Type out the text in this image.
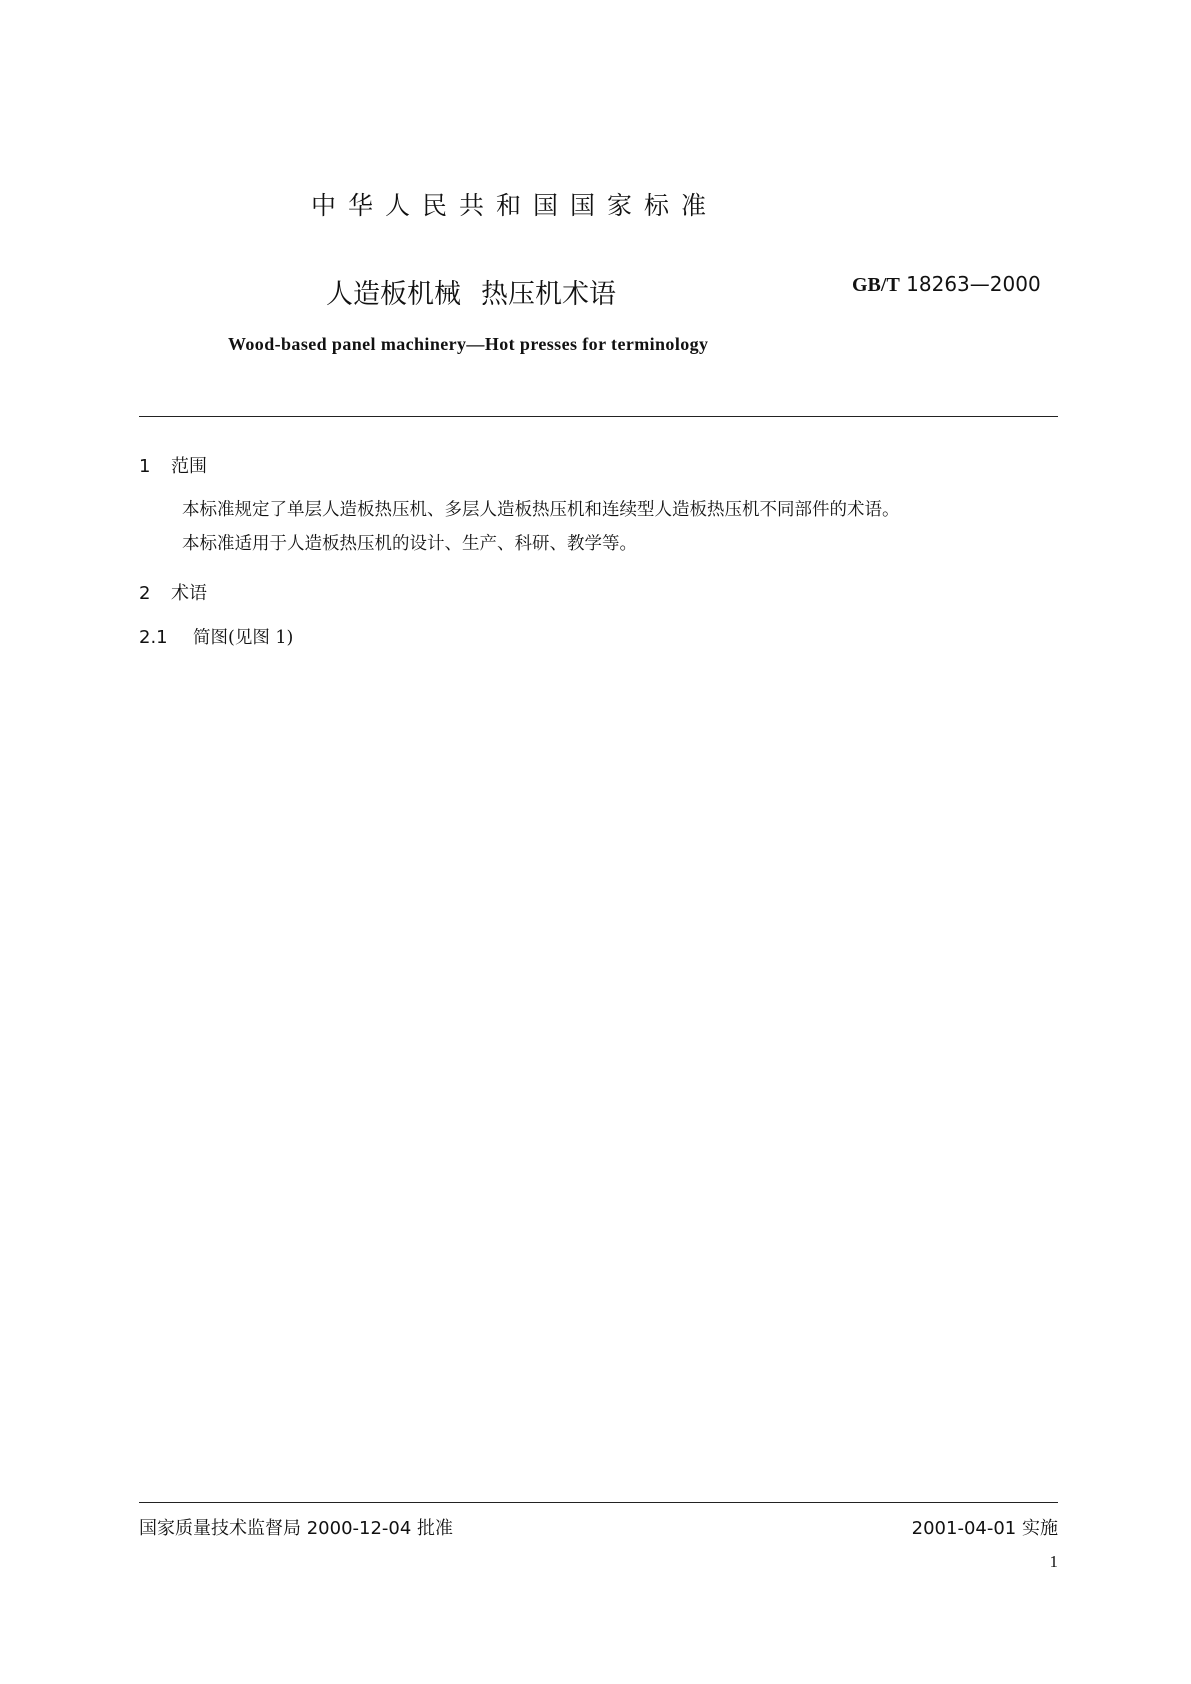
中华人民共和国国家标准
人造板机械 热压机术语	GB/T 18263—2000
Wood-based panel machinery—Hot presses for terminology
1 范围
本标准规定了单层人造板热压机、多层人造板热压机和连续型人造板热压机不同部件的术语。
本标准适用于人造板热压机的设计、生产、科研、教学等。
2 术语
2.1 简图(见图 1)
国家质量技术监督局 2000-12-04 批准	2001-04-01 实施
1
